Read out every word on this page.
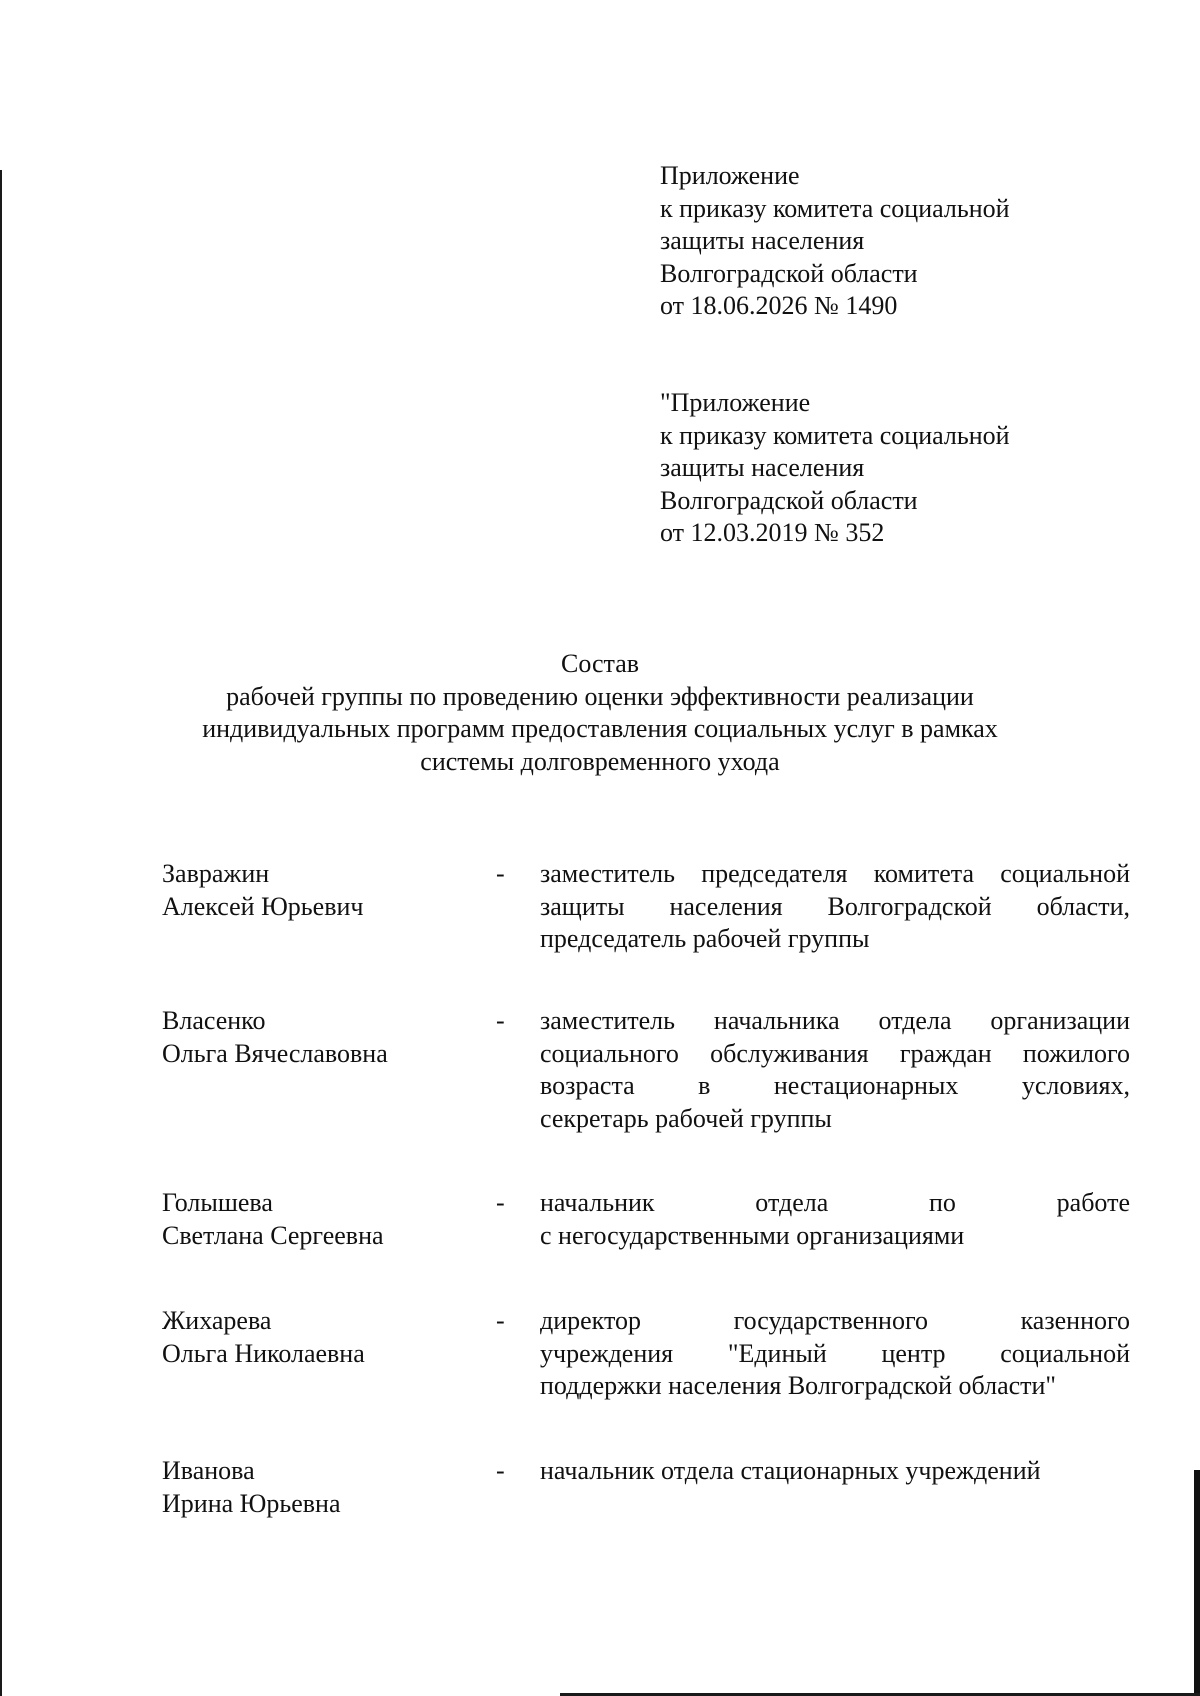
Приложение
к приказу комитета социальной
защиты населения
Волгоградской области
от 18.06.2026 № 1490
"Приложение
к приказу комитета социальной
защиты населения
Волгоградской области
от 12.03.2019 № 352
Состав
рабочей группы по проведению оценки эффективности реализации
индивидуальных программ предоставления социальных услуг в рамках
системы долговременного ухода
Завражин
Алексей Юрьевич
- заместитель председателя комитета социальной
защиты населения Волгоградской области,
председатель рабочей группы
Власенко
Ольга Вячеславовна
- заместитель начальника отдела организации
социального обслуживания граждан пожилого
возраста в нестационарных условиях,
секретарь рабочей группы
Голышева
Светлана Сергеевна
- начальник отдела по работе
с негосударственными организациями
Жихарева
Ольга Николаевна
- директор государственного казенного
учреждения "Единый центр социальной
поддержки населения Волгоградской области"
Иванова
Ирина Юрьевна
- начальник отдела стационарных учреждений
